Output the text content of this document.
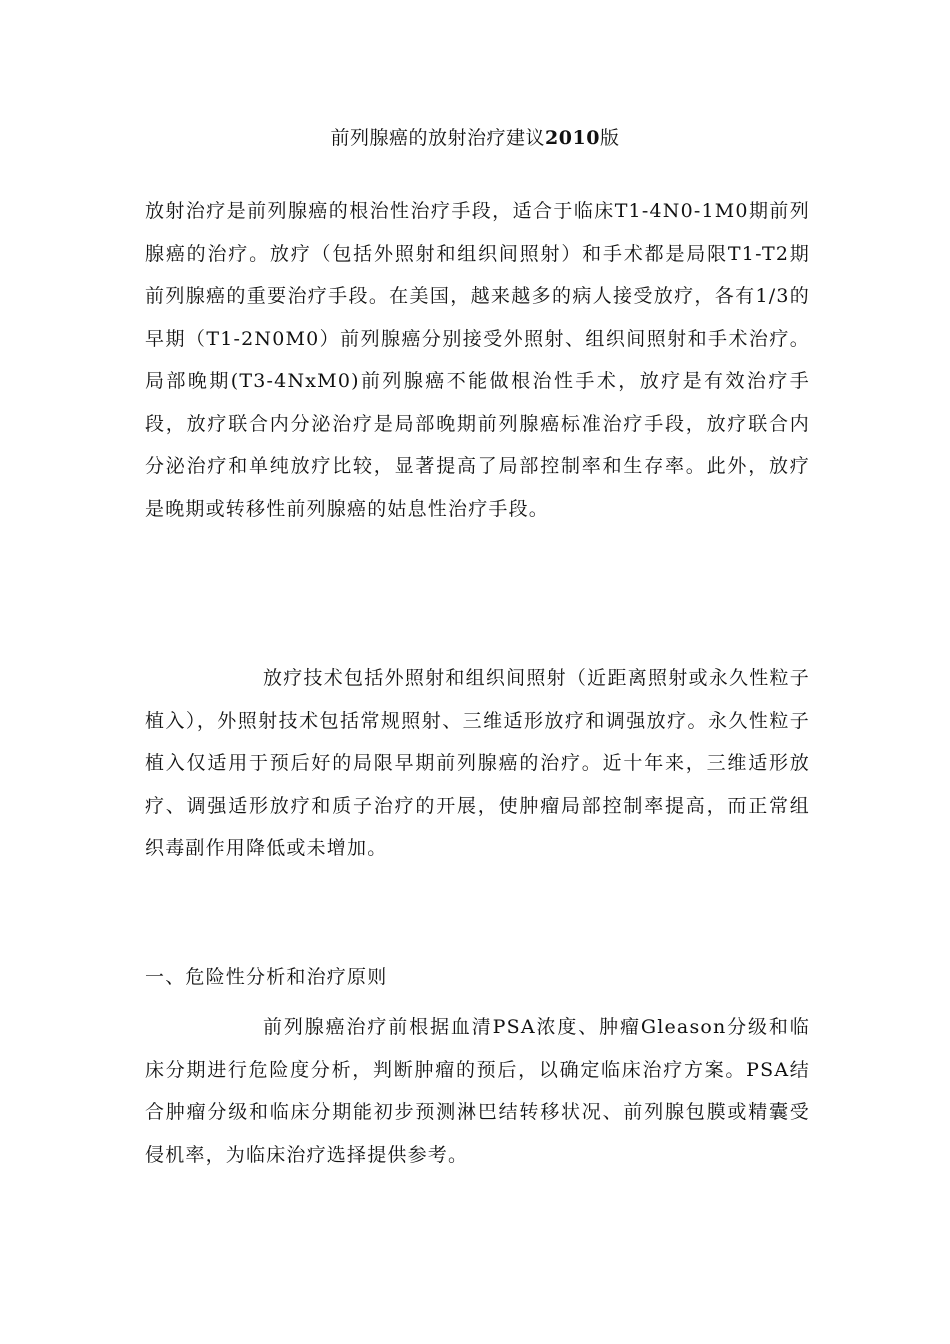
前列腺癌的放射治疗建议2010版

放射治疗是前列腺癌的根治性治疗手段，适合于临床T1-4N0-1M0期前列腺癌的治疗。放疗（包括外照射和组织间照射）和手术都是局限T1-T2期前列腺癌的重要治疗手段。在美国，越来越多的病人接受放疗，各有1/3的早期（T1-2N0M0）前列腺癌分别接受外照射、组织间照射和手术治疗。局部晚期(T3-4NxM0)前列腺癌不能做根治性手术，放疗是有效治疗手段，放疗联合内分泌治疗是局部晚期前列腺癌标准治疗手段，放疗联合内分泌治疗和单纯放疗比较，显著提高了局部控制率和生存率。此外，放疗是晚期或转移性前列腺癌的姑息性治疗手段。

放疗技术包括外照射和组织间照射（近距离照射或永久性粒子植入），外照射技术包括常规照射、三维适形放疗和调强放疗。永久性粒子植入仅适用于预后好的局限早期前列腺癌的治疗。近十年来，三维适形放疗、调强适形放疗和质子治疗的开展，使肿瘤局部控制率提高，而正常组织毒副作用降低或未增加。

一、危险性分析和治疗原则

前列腺癌治疗前根据血清PSA浓度、肿瘤Gleason分级和临床分期进行危险度分析，判断肿瘤的预后，以确定临床治疗方案。PSA结合肿瘤分级和临床分期能初步预测淋巴结转移状况、前列腺包膜或精囊受侵机率，为临床治疗选择提供参考。
